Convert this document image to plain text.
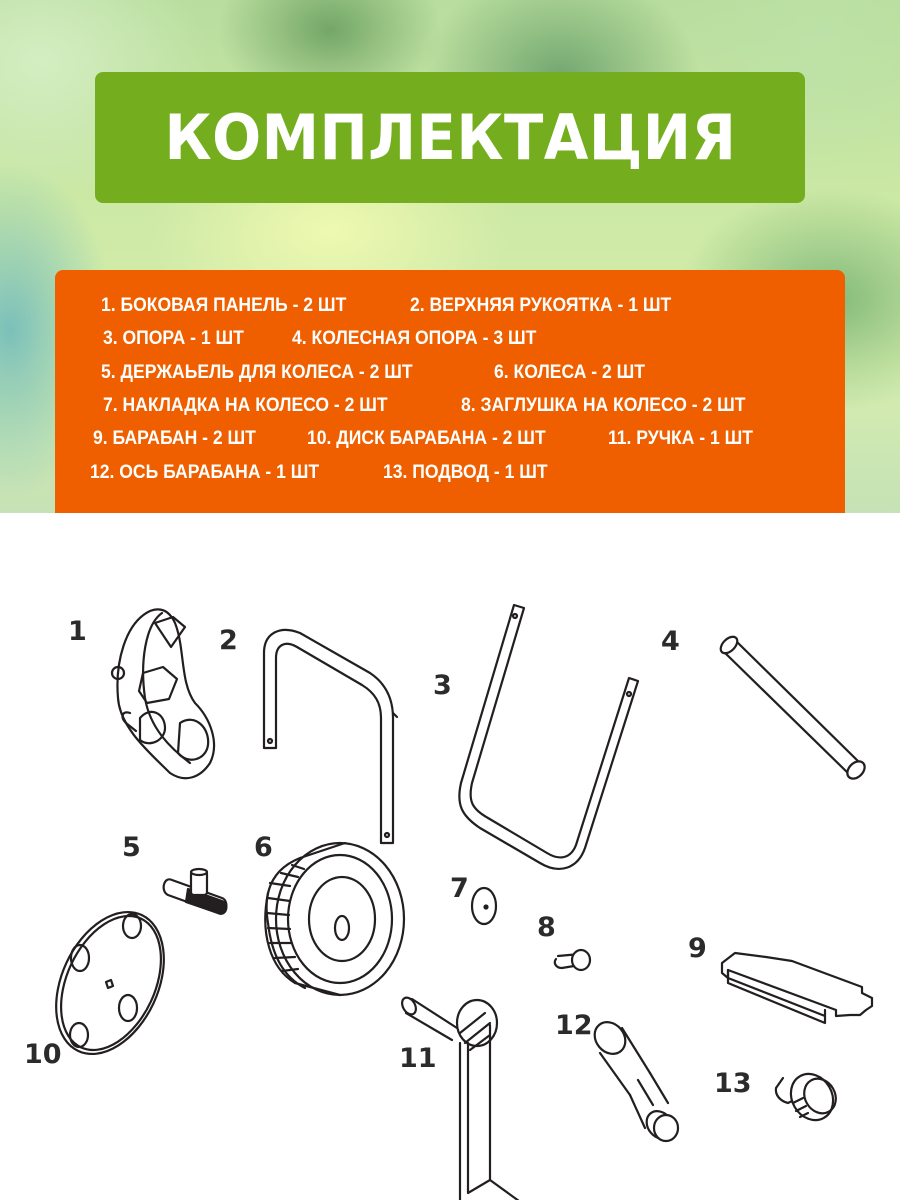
КОМПЛЕКТАЦИЯ
1. БОКОВАЯ ПАНЕЛЬ - 2 ШТ	2. ВЕРХНЯЯ РУКОЯТКА - 1 ШТ
3. ОПОРА - 1 ШТ 4. КОЛЕСНАЯ ОПОРА - 3 ШТ
5. ДЕРЖАЬЕЛЬ ДЛЯ КОЛЕСА - 2 ШТ	6. КОЛЕСА - 2 ШТ
7. НАКЛАДКА НА КОЛЕСО - 2 ШТ	8. ЗАГЛУШКА НА КОЛЕСО - 2 ШТ
9. БАРАБАН - 2 ШТ	10. ДИСК БАРАБАНА - 2 ШТ	11. РУЧКА - 1 ШТ
12. ОСЬ БАРАБАНА - 1 ШТ	13. ПОДВОД - 1 ШТ
1	2
3
4
5	6
7
8
9
10	11
12
13
